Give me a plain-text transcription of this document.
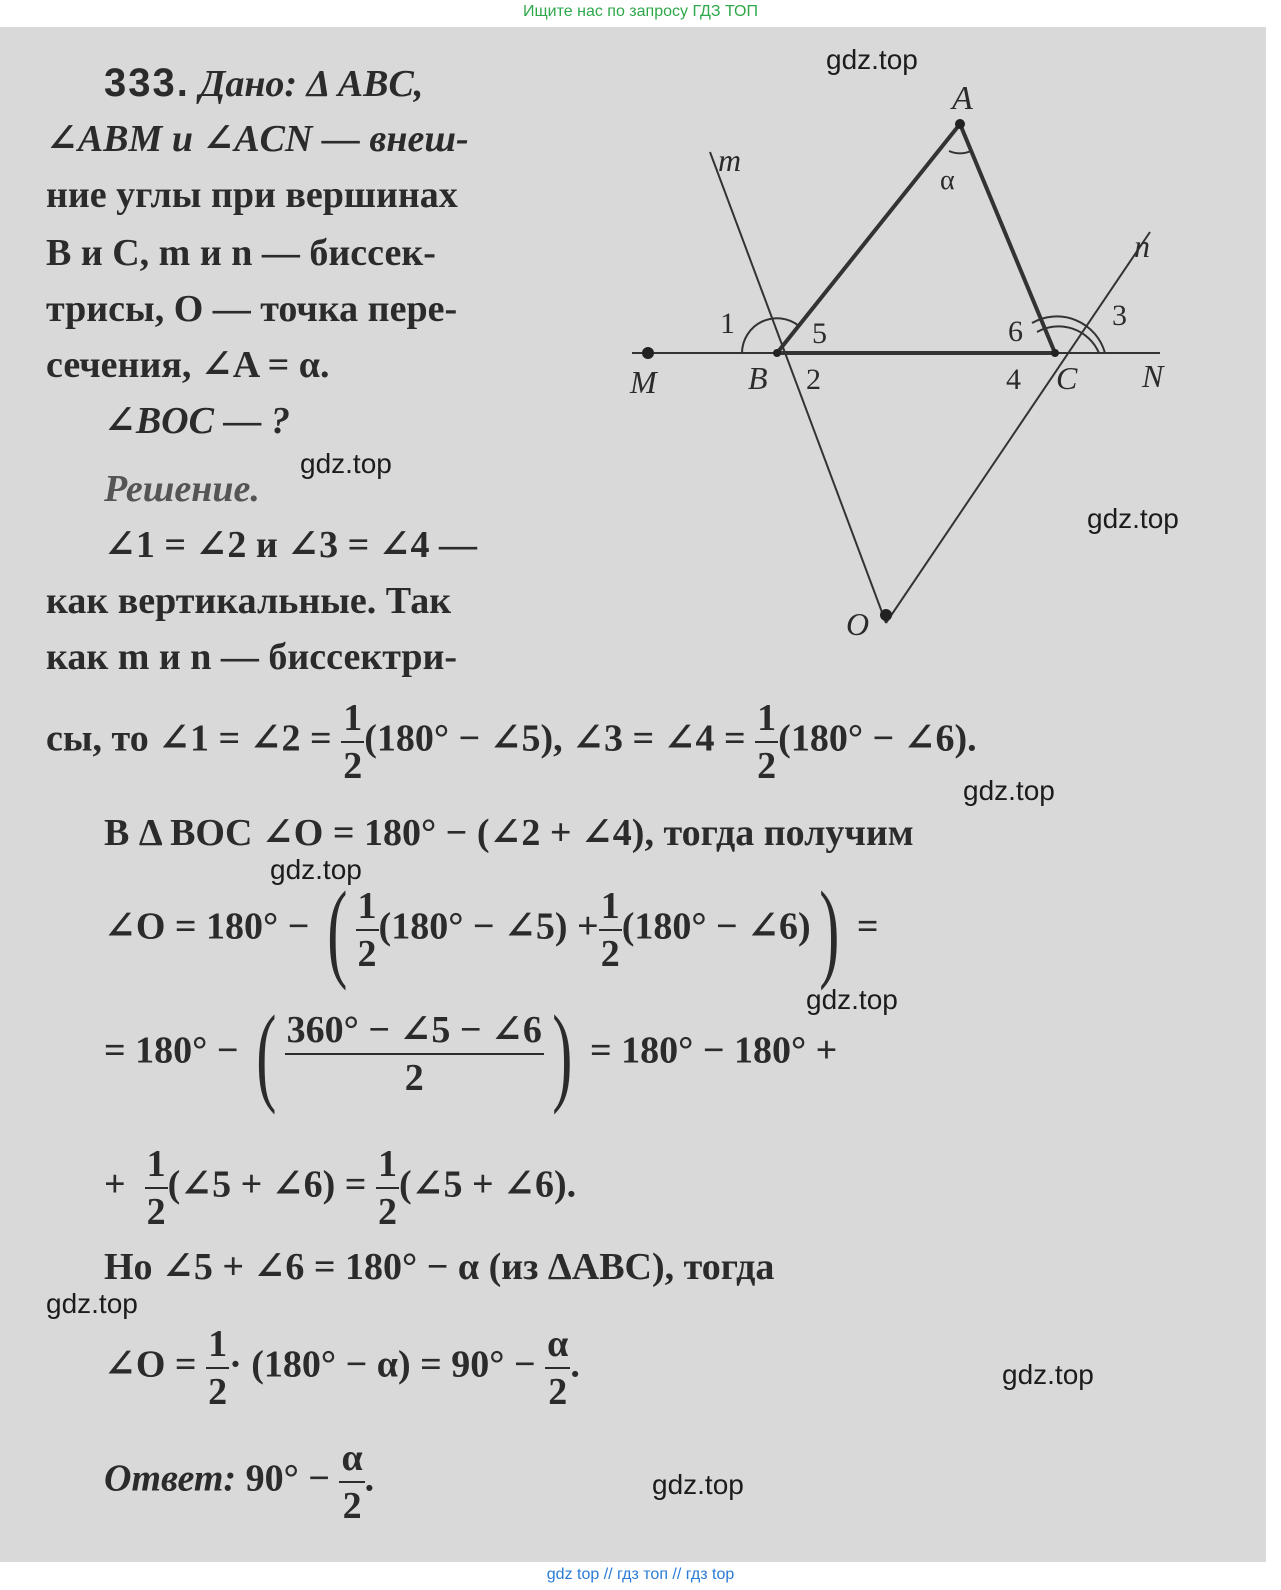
Ищите нас по запросу ГДЗ ТОП
333. Дано: Δ ABC,
∠ABM и ∠ACN — внеш-
ние углы при вершинах
B и C, m и n — биссек-
трисы, O — точка пере-
сечения, ∠A = α.
∠BOC — ?
Решение.
∠1 = ∠2 и ∠3 = ∠4 —
как вертикальные. Так
как m и n — биссектри-
сы, то ∠1 = ∠2 = $\frac{1}{2} (180^\circ$ − ∠5), ∠3 = ∠4 = $\frac{1}{2} (180^\circ$ − ∠6).
В Δ BOC ∠O = 180° − (∠2 + ∠4), тогда получим
∠O = 180° − ( $\frac{1}{2} (180^\circ$ − ∠5) + $\frac{1}{2} (180^\circ$ − ∠6)) =
= 180° − ( $\frac{360^\circ - \angle 5 - \angle 6}{2}$ ) = 180° − 180° +
+ $\frac{1}{2}$ (∠5 + ∠6) = $\frac{1}{2}$ (∠5 + ∠6).
Но ∠5 + ∠6 = 180° − α (из ΔABC), тогда
∠O = $\frac{1}{2} \cdot (180^\circ - \alpha) = 90^\circ - \frac{\alpha}{2}$ .
Ответ: $90^\circ - \frac{\alpha}{2}$ .
A
B	C
M	N
O
m
n
α
1
2
3
4
5	6
gdz.top
gdz.top
gdz.top
gdz.top
gdz.top
gdz.top
gdz.top
gdz.top
gdz.top
gdz top // гдз топ // гдз top
